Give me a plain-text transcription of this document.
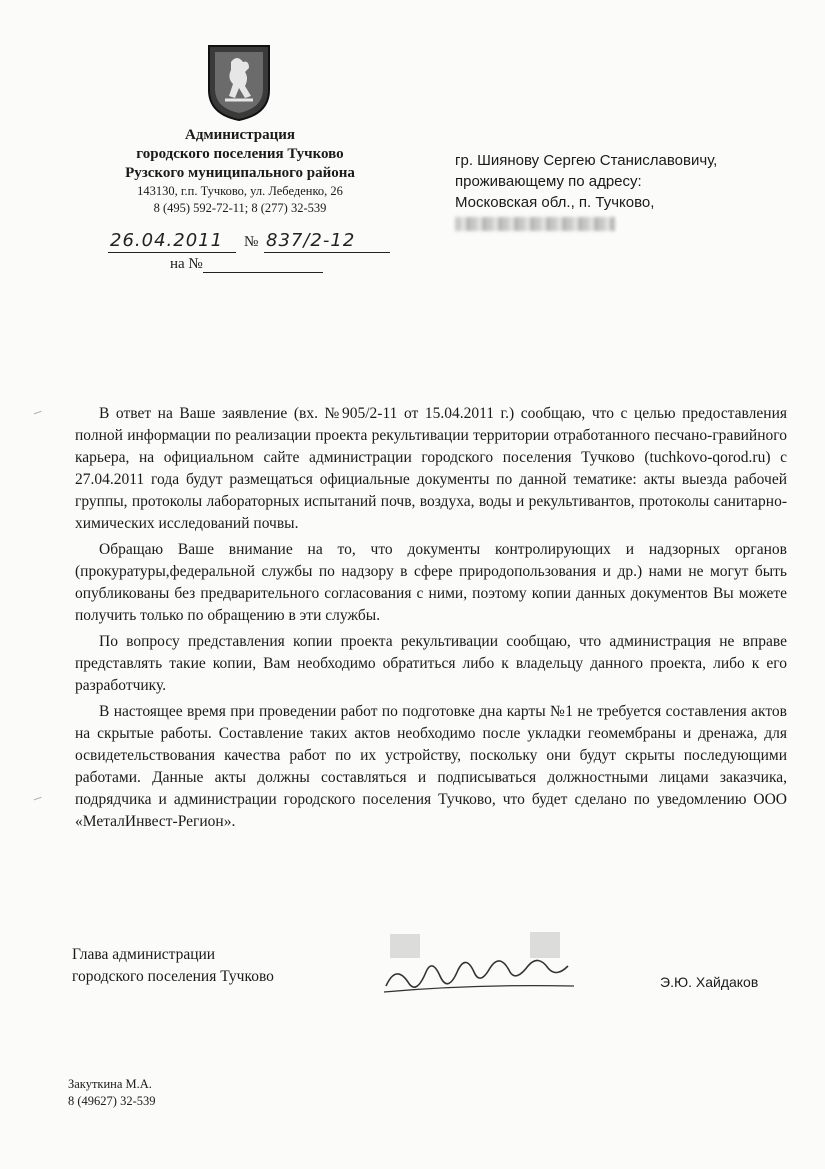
Администрация
городского поселения Тучково
Рузского муниципального района
143130, г.п. Тучково, ул. Лебеденко, 26
8 (495) 592-72-11; 8 (277) 32-539
гр. Шиянову Сергею Станиславовичу,
проживающему по адресу:
Московская обл., п. Тучково,
26.04.2011 № 837/2-12
на №

В ответ на Ваше заявление (вх. №905/2-11 от 15.04.2011 г.) сообщаю, что с целью предоставления полной информации по реализации проекта рекультивации территории отработанного песчано-гравийного карьера, на официальном сайте администрации городского поселения Тучково (tuchkovo-qorod.ru) с 27.04.2011 года будут размещаться официальные документы по данной тематике: акты выезда рабочей группы, протоколы лабораторных испытаний почв, воздуха, воды и рекультивантов, протоколы санитарно-химических исследований почвы.

Обращаю Ваше внимание на то, что документы контролирующих и надзорных органов (прокуратуры,федеральной службы по надзору в сфере природопользования и др.) нами не могут быть опубликованы без предварительного согласования с ними, поэтому копии данных документов Вы можете получить только по обращению в эти службы.

По вопросу представления копии проекта рекультивации сообщаю, что администрация не вправе представлять такие копии, Вам необходимо обратиться либо к владельцу данного проекта, либо к его разработчику.

В настоящее время при проведении работ по подготовке дна карты №1 не требуется составления актов на скрытые работы. Составление таких актов необходимо после укладки геомембраны и дренажа, для освидетельствования качества работ по их устройству, поскольку они будут скрыты последующими работами. Данные акты должны составляться и подписываться должностными лицами заказчика, подрядчика и администрации городского поселения Тучково, что будет сделано по уведомлению ООО «МеталИнвест-Регион».

Глава администрации
городского поселения Тучково	Э.Ю. Хайдаков
Закуткина М.А.
8 (49627) 32-539
